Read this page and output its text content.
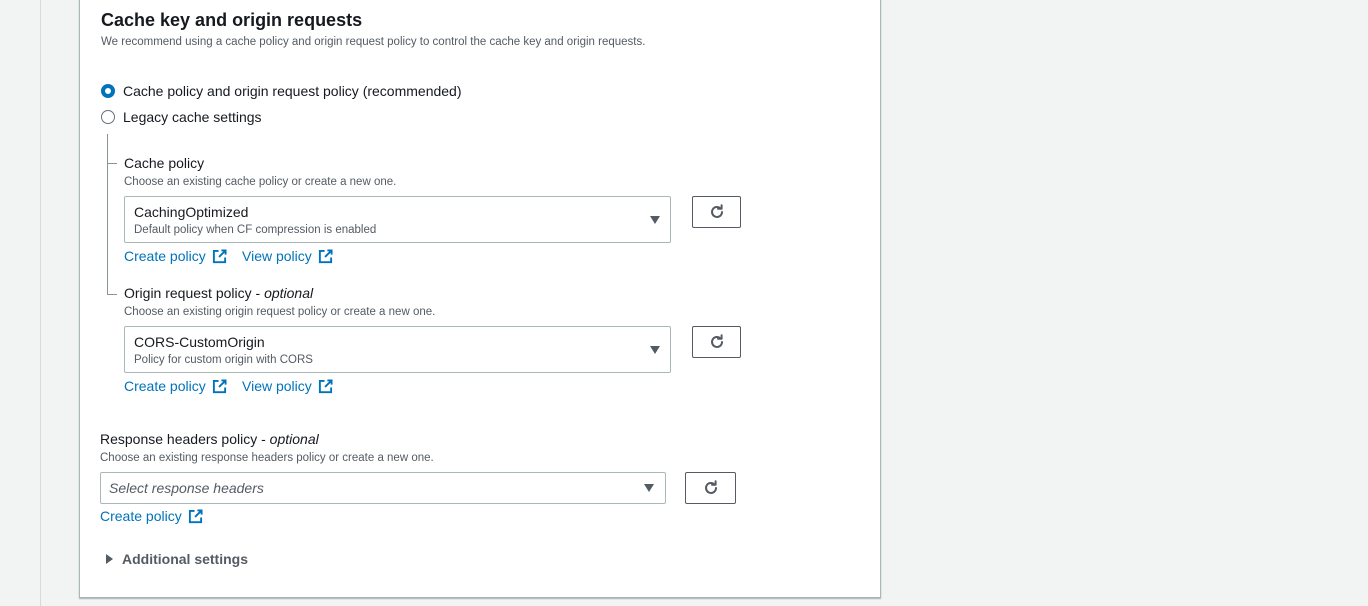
Cache key and origin requests
We recommend using a cache policy and origin request policy to control the cache key and origin requests.
Cache policy and origin request policy (recommended)
Legacy cache settings
Cache policy
Choose an existing cache policy or create a new one.
CachingOptimized
Default policy when CF compression is enabled
Create policy	View policy
Origin request policy - optional
Choose an existing origin request policy or create a new one.
CORS-CustomOrigin
Policy for custom origin with CORS
Create policy	View policy
Response headers policy - optional
Choose an existing response headers policy or create a new one.
Select response headers
Create policy
Additional settings
